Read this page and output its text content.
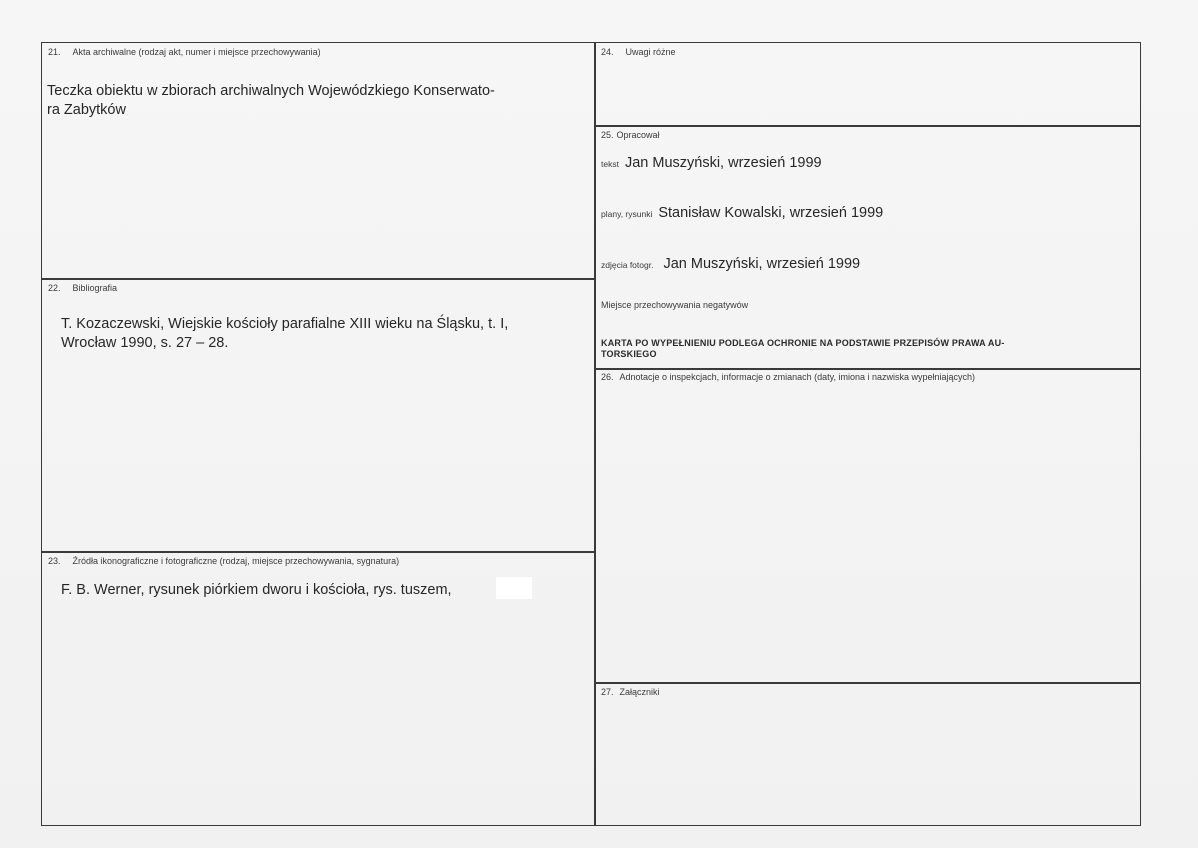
21. Akta archiwalne (rodzaj akt, numer i miejsce przechowywania)
Teczka obiektu w zbiorach archiwalnych Wojewódzkiego Konserwato-
ra Zabytków
22. Bibliografia
T. Kozaczewski, Wiejskie kościoły parafialne XIII wieku na Śląsku, t. I,
Wrocław 1990, s. 27 – 28.
23. Źródła ikonograficzne i fotograficzne (rodzaj, miejsce przechowywania, sygnatura)
F. B. Werner, rysunek piórkiem dworu i kościoła, rys. tuszem,
24. Uwagi różne
25. Opracował
tekst Jan Muszyński, wrzesień 1999
plany, rysunki Stanisław Kowalski, wrzesień 1999
zdjęcia fotogr. Jan Muszyński, wrzesień 1999
Miejsce przechowywania negatywów
KARTA PO WYPEŁNIENIU PODLEGA OCHRONIE NA PODSTAWIE PRZEPISÓW PRAWA AU-
TORSKIEGO
26. Adnotacje o inspekcjach, informacje o zmianach (daty, imiona i nazwiska wypełniających)
27. Załączniki
